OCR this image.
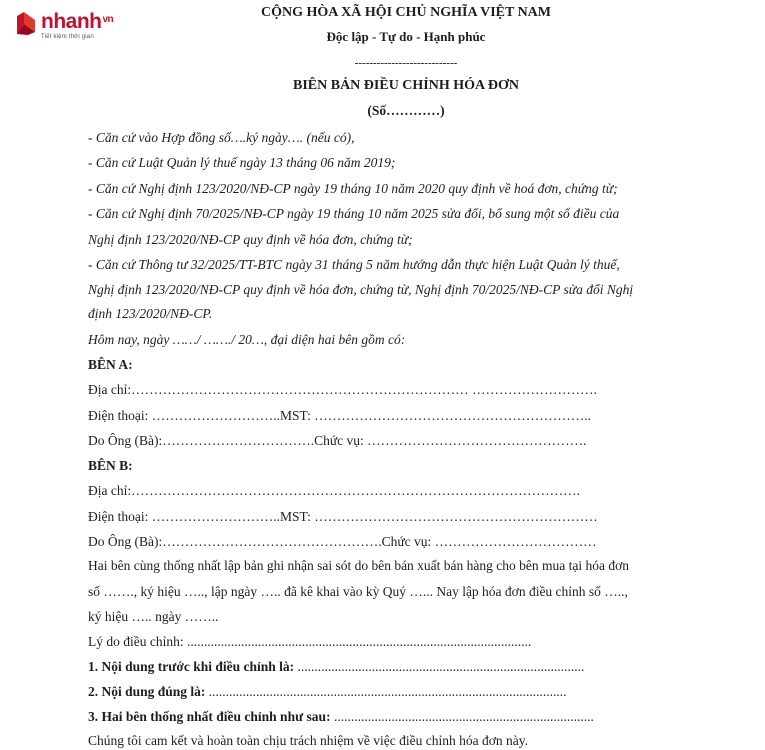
nhanh$^{vn}$
Tiết kiệm thời gian
CỘNG HÒA XÃ HỘI CHỦ NGHĨA VIỆT NAM
Độc lập - Tự do - Hạnh phúc
----------------------------
BIÊN BẢN ĐIỀU CHỈNH HÓA ĐƠN
(Số…………)
- Căn cứ vào Hợp đồng số….ký ngày…. (nếu có),
- Căn cứ Luật Quản lý thuế ngày 13 tháng 06 năm 2019;
- Căn cứ Nghị định 123/2020/NĐ-CP ngày 19 tháng 10 năm 2020 quy định về hoá đơn, chứng từ;
- Căn cứ Nghị định 70/2025/NĐ-CP ngày 19 tháng 10 năm 2025 sửa đổi, bổ sung một số điều của
Nghị định 123/2020/NĐ-CP quy định về hóa đơn, chứng từ;
- Căn cứ Thông tư 32/2025/TT-BTC ngày 31 tháng 5 năm hướng dẫn thực hiện Luật Quản lý thuế,
Nghị định 123/2020/NĐ-CP quy định về hóa đơn, chứng từ, Nghị định 70/2025/NĐ-CP sửa đổi Nghị
định 123/2020/NĐ-CP.
Hôm nay, ngày ……/ ……./ 20…, đại diện hai bên gồm có:
BÊN A:
Địa chỉ:………………………………………………………………… ……………………….
Điện thoại: ………………………..MST: ……………………………………………………..
Do Ông (Bà):…………………………….Chức vụ: ………………………………………….
BÊN B:
Địa chỉ:……………………………………………………………………………………….
Điện thoại: ………………………..MST: ………………………………………………………
Do Ông (Bà):………………………………………….Chức vụ: ………………………………
Hai bên cùng thống nhất lập bản ghi nhận sai sót do bên bán xuất bán hàng cho bên mua tại hóa đơn
số ……., ký hiệu ….., lập ngày ….. đã kê khai vào kỳ Quý …... Nay lập hóa đơn điều chỉnh số …..,
ký hiệu ….. ngày ……..
Lý do điều chỉnh: ......................................................................................................
1. Nội dung trước khi điều chỉnh là: .....................................................................................
2. Nội dung đúng là: ..........................................................................................................
3. Hai bên thống nhất điều chỉnh như sau: .............................................................................
Chúng tôi cam kết và hoàn toàn chịu trách nhiệm về việc điều chỉnh hóa đơn này.
